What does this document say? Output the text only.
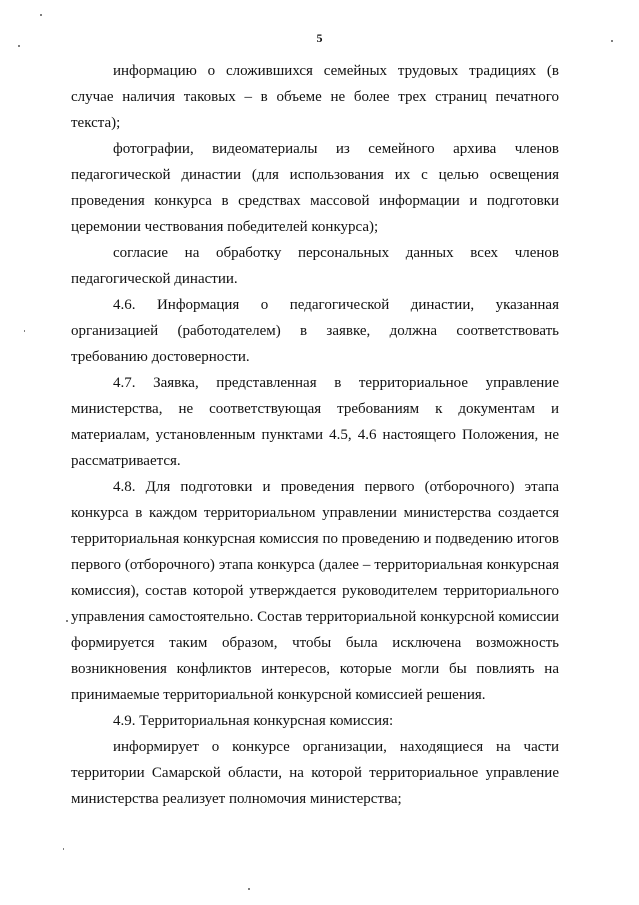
5

информацию о сложившихся семейных трудовых традициях (в случае наличия таковых – в объеме не более трех страниц печатного текста);

фотографии, видеоматериалы из семейного архива членов педагогической династии (для использования их с целью освещения проведения конкурса в средствах массовой информации и подготовки церемонии чествования победителей конкурса);

согласие на обработку персональных данных всех членов педагогической династии.

4.6. Информация о педагогической династии, указанная организацией (работодателем) в заявке, должна соответствовать требованию достоверности.

4.7. Заявка, представленная в территориальное управление министерства, не соответствующая требованиям к документам и материалам, установленным пунктами 4.5, 4.6 настоящего Положения, не рассматривается.

4.8. Для подготовки и проведения первого (отборочного) этапа конкурса в каждом территориальном управлении министерства создается территориальная конкурсная комиссия по проведению и подведению итогов первого (отборочного) этапа конкурса (далее – территориальная конкурсная комиссия), состав которой утверждается руководителем территориального управления самостоятельно. Состав территориальной конкурсной комиссии формируется таким образом, чтобы была исключена возможность возникновения конфликтов интересов, которые могли бы повлиять на принимаемые территориальной конкурсной комиссией решения.

4.9. Территориальная конкурсная комиссия:

информирует о конкурсе организации, находящиеся на части территории Самарской области, на которой территориальное управление министерства реализует полномочия министерства;
